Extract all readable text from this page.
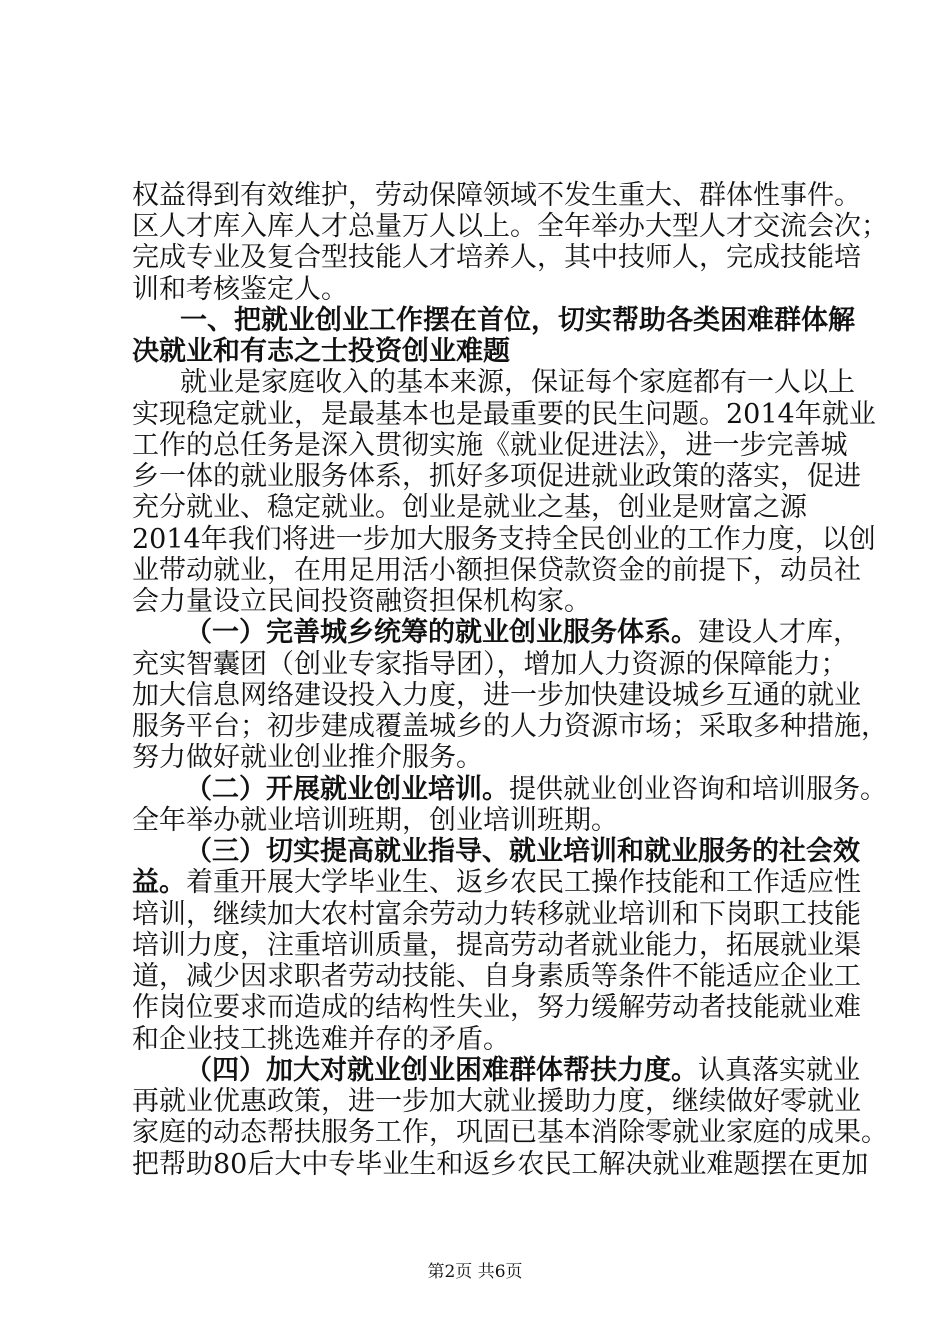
权益得到有效维护，劳动保障领域不发生重大、群体性事件。
区人才库入库人才总量万人以上。全年举办大型人才交流会次；
完成专业及复合型技能人才培养人，其中技师人，完成技能培
训和考核鉴定人。
一、把就业创业工作摆在首位，切实帮助各类困难群体解
决就业和有志之士投资创业难题
就业是家庭收入的基本来源，保证每个家庭都有一人以上
实现稳定就业，是最基本也是最重要的民生问题。2014年就业
工作的总任务是深入贯彻实施《就业促进法》，进一步完善城
乡一体的就业服务体系，抓好多项促进就业政策的落实，促进
充分就业、稳定就业。创业是就业之基，创业是财富之源
2014年我们将进一步加大服务支持全民创业的工作力度，以创
业带动就业，在用足用活小额担保贷款资金的前提下，动员社
会力量设立民间投资融资担保机构家。
（一）完善城乡统筹的就业创业服务体系。建设人才库，
充实智囊团（创业专家指导团），增加人力资源的保障能力；
加大信息网络建设投入力度，进一步加快建设城乡互通的就业
服务平台；初步建成覆盖城乡的人力资源市场；采取多种措施，
努力做好就业创业推介服务。
（二）开展就业创业培训。提供就业创业咨询和培训服务。
全年举办就业培训班期，创业培训班期。
（三）切实提高就业指导、就业培训和就业服务的社会效
益。着重开展大学毕业生、返乡农民工操作技能和工作适应性
培训，继续加大农村富余劳动力转移就业培训和下岗职工技能
培训力度，注重培训质量，提高劳动者就业能力，拓展就业渠
道，减少因求职者劳动技能、自身素质等条件不能适应企业工
作岗位要求而造成的结构性失业，努力缓解劳动者技能就业难
和企业技工挑选难并存的矛盾。
（四）加大对就业创业困难群体帮扶力度。认真落实就业
再就业优惠政策，进一步加大就业援助力度，继续做好零就业
家庭的动态帮扶服务工作，巩固已基本消除零就业家庭的成果。
把帮助80后大中专毕业生和返乡农民工解决就业难题摆在更加
第2页 共6页
